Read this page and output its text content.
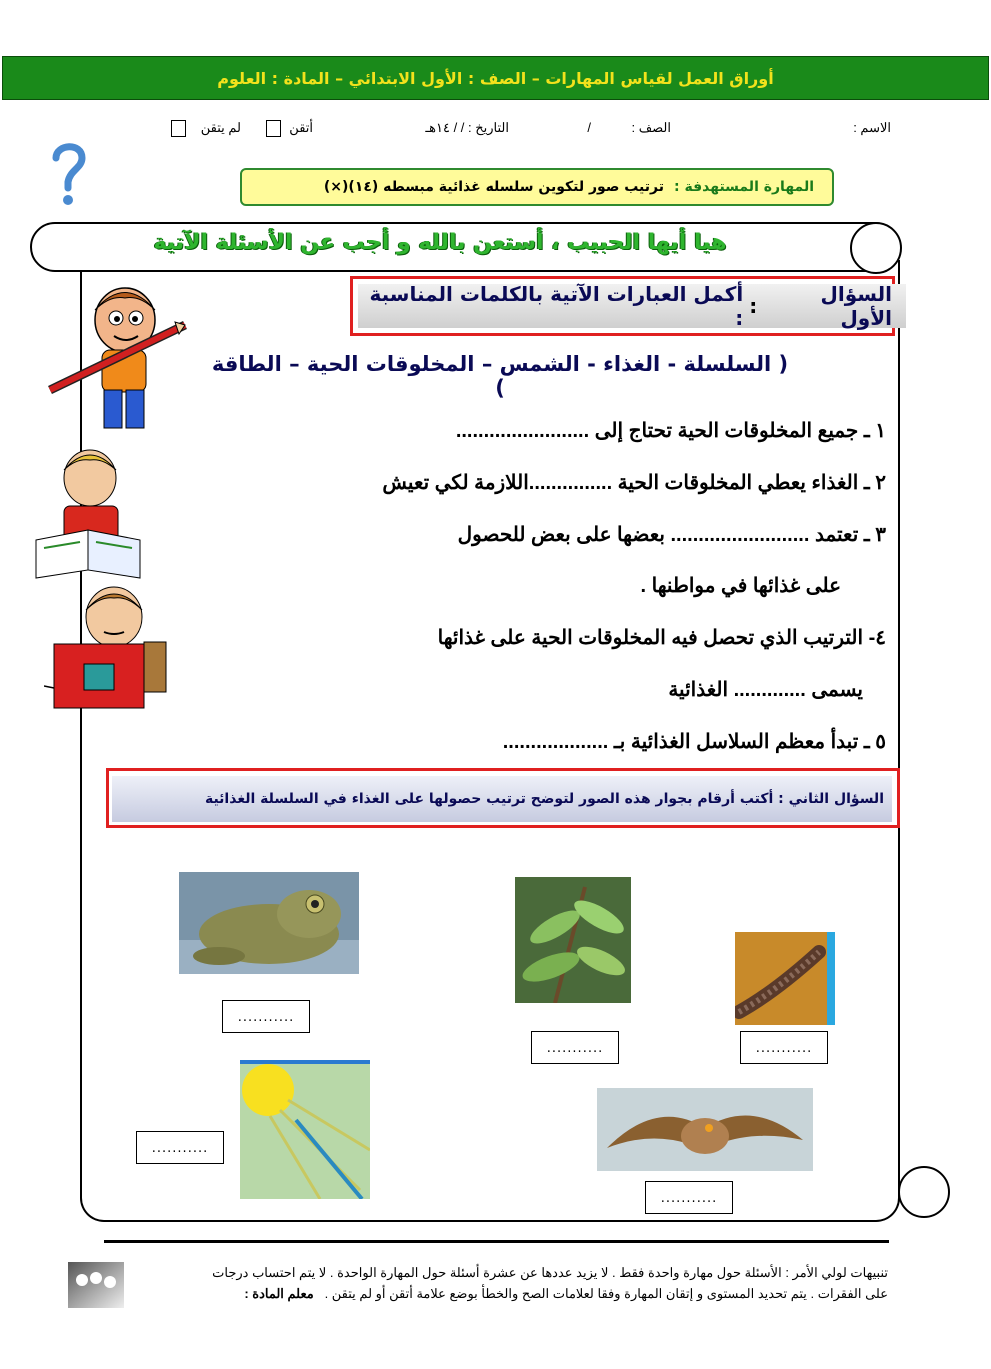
أوراق العمل لقياس المهارات – الصف : الأول الابتدائي – المادة : العلوم
الاسم :
الصف :
/
التاريخ : / / ١٤هـ
أتقن
لم يتقن
المهارة المستهدفة :
ترتيب صور لتكوين سلسله غذائية مبسطه (١٤)(×)
هيا أيها الحبيب ، أستعن بالله و أجب عن الأسئلة الآتية
السؤال الأول
:
أكمل العبارات الآتية بالكلمات المناسبة :
( السلسلة - الغذاء - الشمس – المخلوقات الحية – الطاقة )
١ ـ جميع المخلوقات الحية تحتاج إلى ........................
٢ ـ الغذاء يعطي المخلوقات الحية ...............اللازمة لكي تعيش
٣ ـ تعتمد ......................... بعضها على بعض للحصول
على غذائها في مواطنها .
٤- الترتيب الذي تحصل فيه المخلوقات الحية على غذائها
يسمى ............. الغذائية
٥ ـ تبدأ معظم السلاسل الغذائية بـ ...................
السؤال الثاني :

أكتب أرقام بجوار هذه الصور لتوضح ترتيب حصولها على الغذاء في السلسلة الغذائية
...........
...........	...........
...........
...........
تنبيهات لولي الأمر : الأسئلة حول مهارة واحدة فقط . لا يزيد عددها عن عشرة أسئلة حول المهارة الواحدة . لا يتم احتساب درجات
على الفقرات . يتم تحديد المستوى و إتقان المهارة وفقا لعلامات الصح والخطأ بوضع علامة أتقن أو لم يتقن .   معلم المادة :
